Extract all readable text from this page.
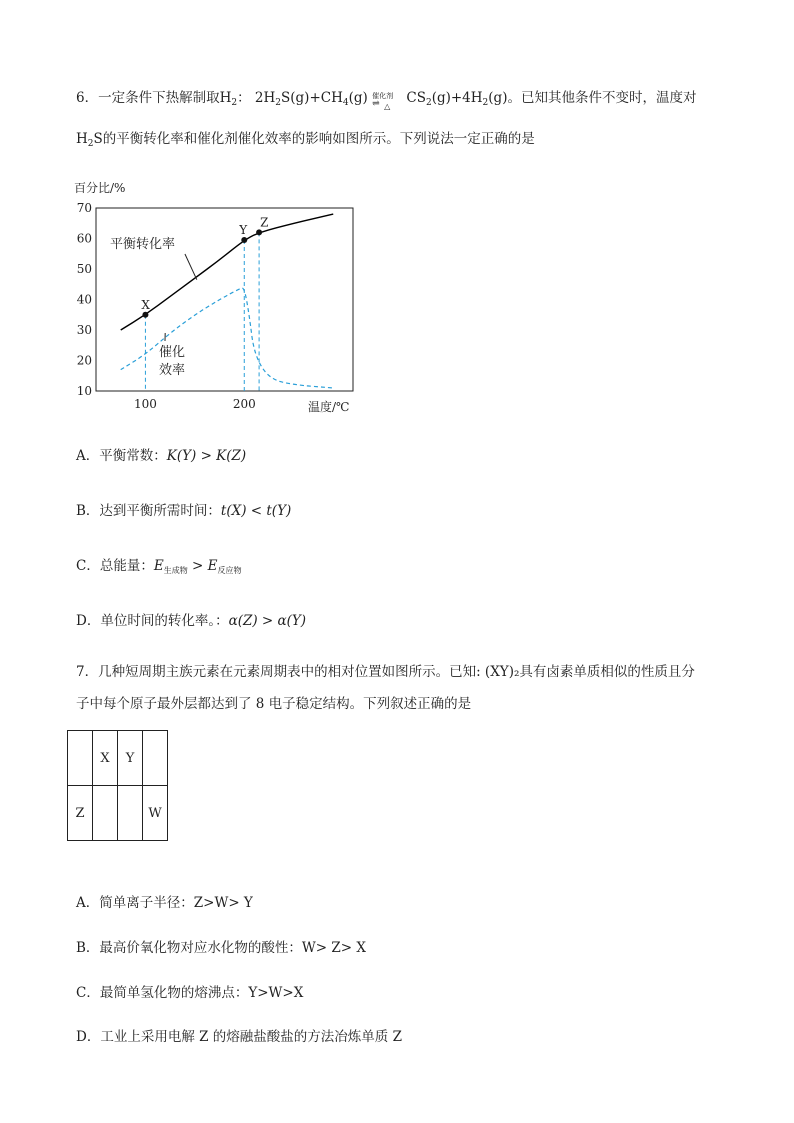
6．一定条件下热解制取$H_2$： $2H_2S(g)+CH_4(g)$ 催化剂
⇌ △ $CS_2(g)+4H_2(g)$。已知其他条件不变时，温度对
$H_2S$的平衡转化率和催化剂催化效率的影响如图所示。下列说法一定正确的是
百分比/%
70
60
50
40
30
20
10
100	200	温度/℃
X
Y
Z
平衡转化率
催化
效率
A．平衡常数：K(Y) > K(Z)
B．达到平衡所需时间：t(X) < t(Y)
C．总能量：$E_{生成物} > E_{反应物}$
D．单位时间的转化率。：α(Z) > α(Y)
7．几种短周期主族元素在元素周期表中的相对位置如图所示。已知: (XY)₂具有卤素单质相似的性质且分
子中每个原子最外层都达到了 8 电子稳定结构。下列叙述正确的是
	X	Y	
Z			W
A．简单离子半径：Z>W> Y
B．最高价氧化物对应水化物的酸性：W> Z> X
C．最简单氢化物的熔沸点：Y>W>X
D．工业上采用电解 Z 的熔融盐酸盐的方法冶炼单质 Z
